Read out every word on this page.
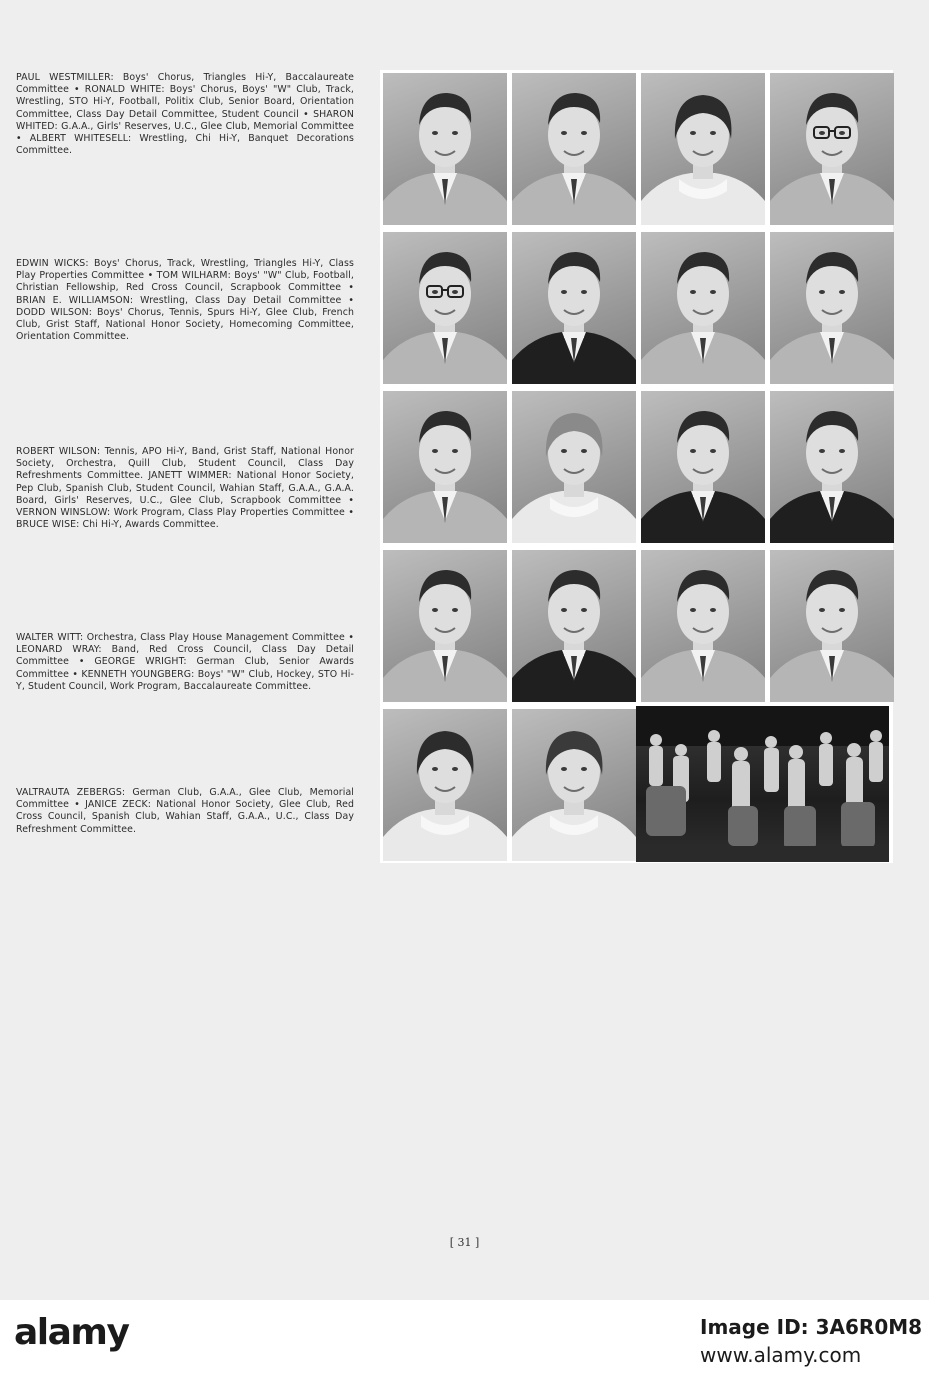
PAUL WESTMILLER: Boys' Chorus, Triangles Hi-Y, Baccalaureate Committee • RONALD WHITE: Boys' Chorus, Boys' "W" Club, Track, Wrestling, STO Hi-Y, Football, Politix Club, Senior Board, Orientation Committee, Class Day Detail Committee, Student Council • SHARON WHITED: G.A.A., Girls' Reserves, U.C., Glee Club, Memorial Committee • ALBERT WHITESELL: Wrestling, Chi Hi-Y, Banquet Decorations Committee.
EDWIN WICKS: Boys' Chorus, Track, Wrestling, Triangles Hi-Y, Class Play Properties Committee • TOM WILHARM: Boys' "W" Club, Football, Christian Fellowship, Red Cross Council, Scrapbook Committee • BRIAN E. WILLIAMSON: Wrestling, Class Day Detail Committee • DODD WILSON: Boys' Chorus, Tennis, Spurs Hi-Y, Glee Club, French Club, Grist Staff, National Honor Society, Homecoming Committee, Orientation Committee.
ROBERT WILSON: Tennis, APO Hi-Y, Band, Grist Staff, National Honor Society, Orchestra, Quill Club, Student Council, Class Day Refreshments Committee. JANETT WIMMER: National Honor Society, Pep Club, Spanish Club, Student Council, Wahian Staff, G.A.A., G.A.A. Board, Girls' Reserves, U.C., Glee Club, Scrapbook Committee • VERNON WINSLOW: Work Program, Class Play Properties Committee • BRUCE WISE: Chi Hi-Y, Awards Committee.
WALTER WITT: Orchestra, Class Play House Management Committee • LEONARD WRAY: Band, Red Cross Council, Class Day Detail Committee • GEORGE WRIGHT: German Club, Senior Awards Committee • KENNETH YOUNGBERG: Boys' "W" Club, Hockey, STO Hi-Y, Student Council, Work Program, Baccalaureate Committee.
VALTRAUTA ZEBERGS: German Club, G.A.A., Glee Club, Memorial Committee • JANICE ZECK: National Honor Society, Glee Club, Red Cross Council, Spanish Club, Wahian Staff, G.A.A., U.C., Class Day Refreshment Committee.
[ 31 ]
alamy	Image ID: 3A6R0M8
www.alamy.com
